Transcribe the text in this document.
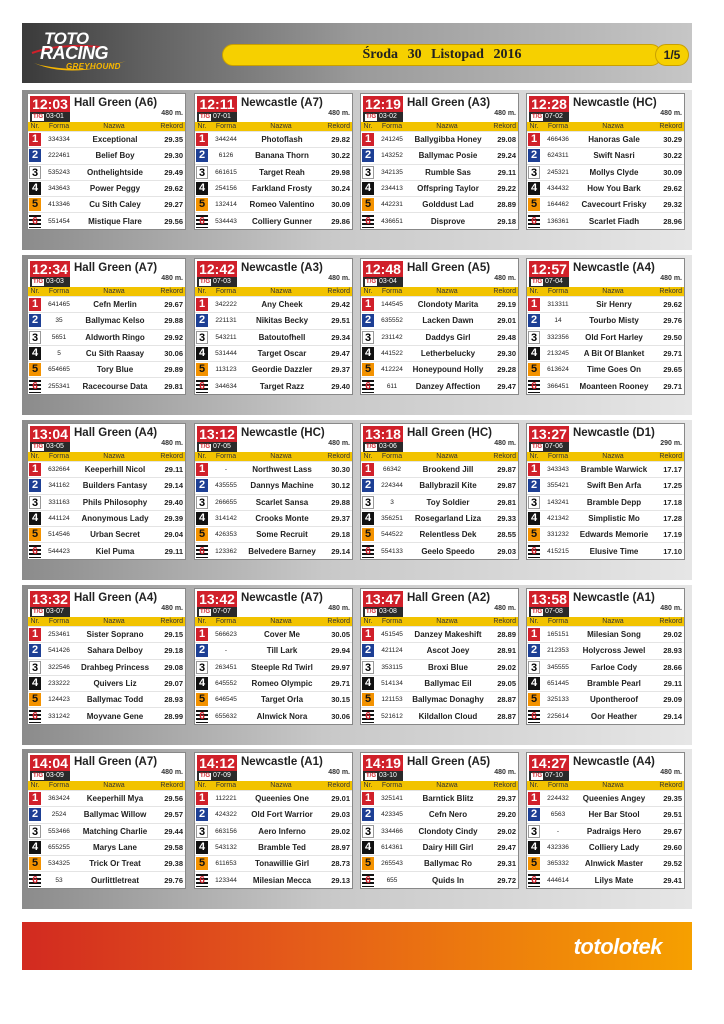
TOTO
RACING
GREYHOUND
Środa 30 Listopad 2016	1/5
12:03
T/G 03-01
Hall Green (A6)
480 m.
Nr.	Forma	Nazwa	Rekord
1	334334	Exceptional	29.35
2	222461	Belief Boy	29.30
3	535243	Onthelightside	29.49
4	343643	Power Peggy	29.62
5	413346	Cu Sith Caley	29.27
6	551454	Mistique Flare	29.56
12:11
T/G 07-01
Newcastle (A7)
480 m.
Nr.	Forma	Nazwa	Rekord
1	344244	Photoflash	29.82
2	6126	Banana Thorn	30.22
3	661615	Target Reah	29.98
4	254156	Farkland Frosty	30.24
5	132414	Romeo Valentino	30.09
6	534443	Colliery Gunner	29.86
12:19
T/G 03-02
Hall Green (A3)
480 m.
Nr.	Forma	Nazwa	Rekord
1	241245	Ballygibba Honey	29.08
2	143252	Ballymac Posie	29.24
3	342135	Rumble Sas	29.11
4	234413	Offspring Taylor	29.22
5	442231	Golddust Lad	28.89
6	436651	Disprove	29.18
12:28
T/G 07-02
Newcastle (HC)
480 m.
Nr.	Forma	Nazwa	Rekord
1	466436	Hanoras Gale	30.29
2	624311	Swift Nasri	30.22
3	245321	Mollys Clyde	30.09
4	434432	How You Bark	29.62
5	164462	Cavecourt Frisky	29.32
6	136361	Scarlet Fiadh	28.96
12:34
T/G 03-03
Hall Green (A7)
480 m.
Nr.	Forma	Nazwa	Rekord
1	641465	Cefn Merlin	29.67
2	35	Ballymac Kelso	29.88
3	5651	Aldworth Ringo	29.92
4	5	Cu Sith Raasay	30.06
5	654665	Tory Blue	29.89
6	255341	Racecourse Data	29.81
12:42
T/G 07-03
Newcastle (A3)
480 m.
Nr.	Forma	Nazwa	Rekord
1	342222	Any Cheek	29.42
2	221131	Nikitas Becky	29.51
3	543211	Batoutofhell	29.34
4	531444	Target Oscar	29.47
5	113123	Geordie Dazzler	29.37
6	344634	Target Razz	29.40
12:48
T/G 03-04
Hall Green (A5)
480 m.
Nr.	Forma	Nazwa	Rekord
1	144545	Clondoty Marita	29.19
2	635552	Lacken Dawn	29.01
3	231142	Daddys Girl	29.48
4	441522	Letherbelucky	29.30
5	412224	Honeypound Holly	29.28
6	611	Danzey Affection	29.47
12:57
T/G 07-04
Newcastle (A4)
480 m.
Nr.	Forma	Nazwa	Rekord
1	313311	Sir Henry	29.62
2	14	Tourbo Misty	29.76
3	332356	Old Fort Harley	29.50
4	213245	A Bit Of Blanket	29.71
5	613624	Time Goes On	29.65
6	366451	Moanteen Rooney	29.71
13:04
T/G 03-05
Hall Green (A4)
480 m.
Nr.	Forma	Nazwa	Rekord
1	632664	Keeperhill Nicol	29.11
2	341162	Builders Fantasy	29.14
3	331163	Phils Philosophy	29.40
4	441124	Anonymous Lady	29.39
5	514546	Urban Secret	29.04
6	544423	Kiel Puma	29.11
13:12
T/G 07-05
Newcastle (HC)
480 m.
Nr.	Forma	Nazwa	Rekord
1	-	Northwest Lass	30.30
2	435555	Dannys Machine	30.12
3	266655	Scarlet Sansa	29.88
4	314142	Crooks Monte	29.37
5	426353	Some Recruit	29.18
6	123362	Belvedere Barney	29.14
13:18
T/G 03-06
Hall Green (HC)
480 m.
Nr.	Forma	Nazwa	Rekord
1	66342	Brookend Jill	29.87
2	224344	Ballybrazil Kite	29.87
3	3	Toy Soldier	29.81
4	356251	Rosegarland Liza	29.33
5	544522	Relentless Dek	28.55
6	554133	Geelo Speedo	29.03
13:27
T/G 07-06
Newcastle (D1)
290 m.
Nr.	Forma	Nazwa	Rekord
1	343343	Bramble Warwick	17.17
2	355421	Swift Ben Arfa	17.25
3	143241	Bramble Depp	17.18
4	421342	Simplistic Mo	17.28
5	331232	Edwards Memorie	17.19
6	415215	Elusive Time	17.10
13:32
T/G 03-07
Hall Green (A4)
480 m.
Nr.	Forma	Nazwa	Rekord
1	253461	Sister Soprano	29.15
2	541426	Sahara Delboy	29.18
3	322546	Drahbeg Princess	29.08
4	233222	Quivers Liz	29.07
5	124423	Ballymac Todd	28.93
6	331242	Moyvane Gene	28.99
13:42
T/G 07-07
Newcastle (A7)
480 m.
Nr.	Forma	Nazwa	Rekord
1	566623	Cover Me	30.05
2	-	Till Lark	29.94
3	263451	Steeple Rd Twirl	29.97
4	645552	Romeo Olympic	29.71
5	646545	Target Orla	30.15
6	655632	Alnwick Nora	30.06
13:47
T/G 03-08
Hall Green (A2)
480 m.
Nr.	Forma	Nazwa	Rekord
1	451545	Danzey Makeshift	28.89
2	421124	Ascot Joey	28.91
3	353115	Broxi Blue	29.02
4	514134	Ballymac Eil	29.05
5	121153	Ballymac Donaghy	28.87
6	521612	Kildallon Cloud	28.87
13:58
T/G 07-08
Newcastle (A1)
480 m.
Nr.	Forma	Nazwa	Rekord
1	165151	Milesian Song	29.02
2	212353	Holycross Jewel	28.93
3	345555	Farloe Cody	28.66
4	651445	Bramble Pearl	29.11
5	325133	Upontheroof	29.09
6	225614	Oor Heather	29.14
14:04
T/G 03-09
Hall Green (A7)
480 m.
Nr.	Forma	Nazwa	Rekord
1	363424	Keeperhill Mya	29.56
2	2524	Ballymac Willow	29.57
3	553466	Matching Charlie	29.44
4	655255	Marys Lane	29.58
5	534325	Trick Or Treat	29.38
6	53	Ourlittletreat	29.76
14:12
T/G 07-09
Newcastle (A1)
480 m.
Nr.	Forma	Nazwa	Rekord
1	112221	Queenies One	29.01
2	424322	Old Fort Warrior	29.03
3	663156	Aero Inferno	29.02
4	543132	Bramble Ted	28.97
5	611653	Tonawillie Girl	28.73
6	123344	Milesian Mecca	29.13
14:19
T/G 03-10
Hall Green (A5)
480 m.
Nr.	Forma	Nazwa	Rekord
1	325141	Barntick Blitz	29.37
2	423345	Cefn Nero	29.20
3	334466	Clondoty Cindy	29.02
4	614361	Dairy Hill Girl	29.47
5	265543	Ballymac Ro	29.31
6	655	Quids In	29.72
14:27
T/G 07-10
Newcastle (A4)
480 m.
Nr.	Forma	Nazwa	Rekord
1	224432	Queenies Angey	29.35
2	6563	Her Bar Stool	29.51
3	-	Padraigs Hero	29.67
4	432336	Colliery Lady	29.60
5	365332	Alnwick Master	29.52
6	444614	Lilys Mate	29.41
totolotek
